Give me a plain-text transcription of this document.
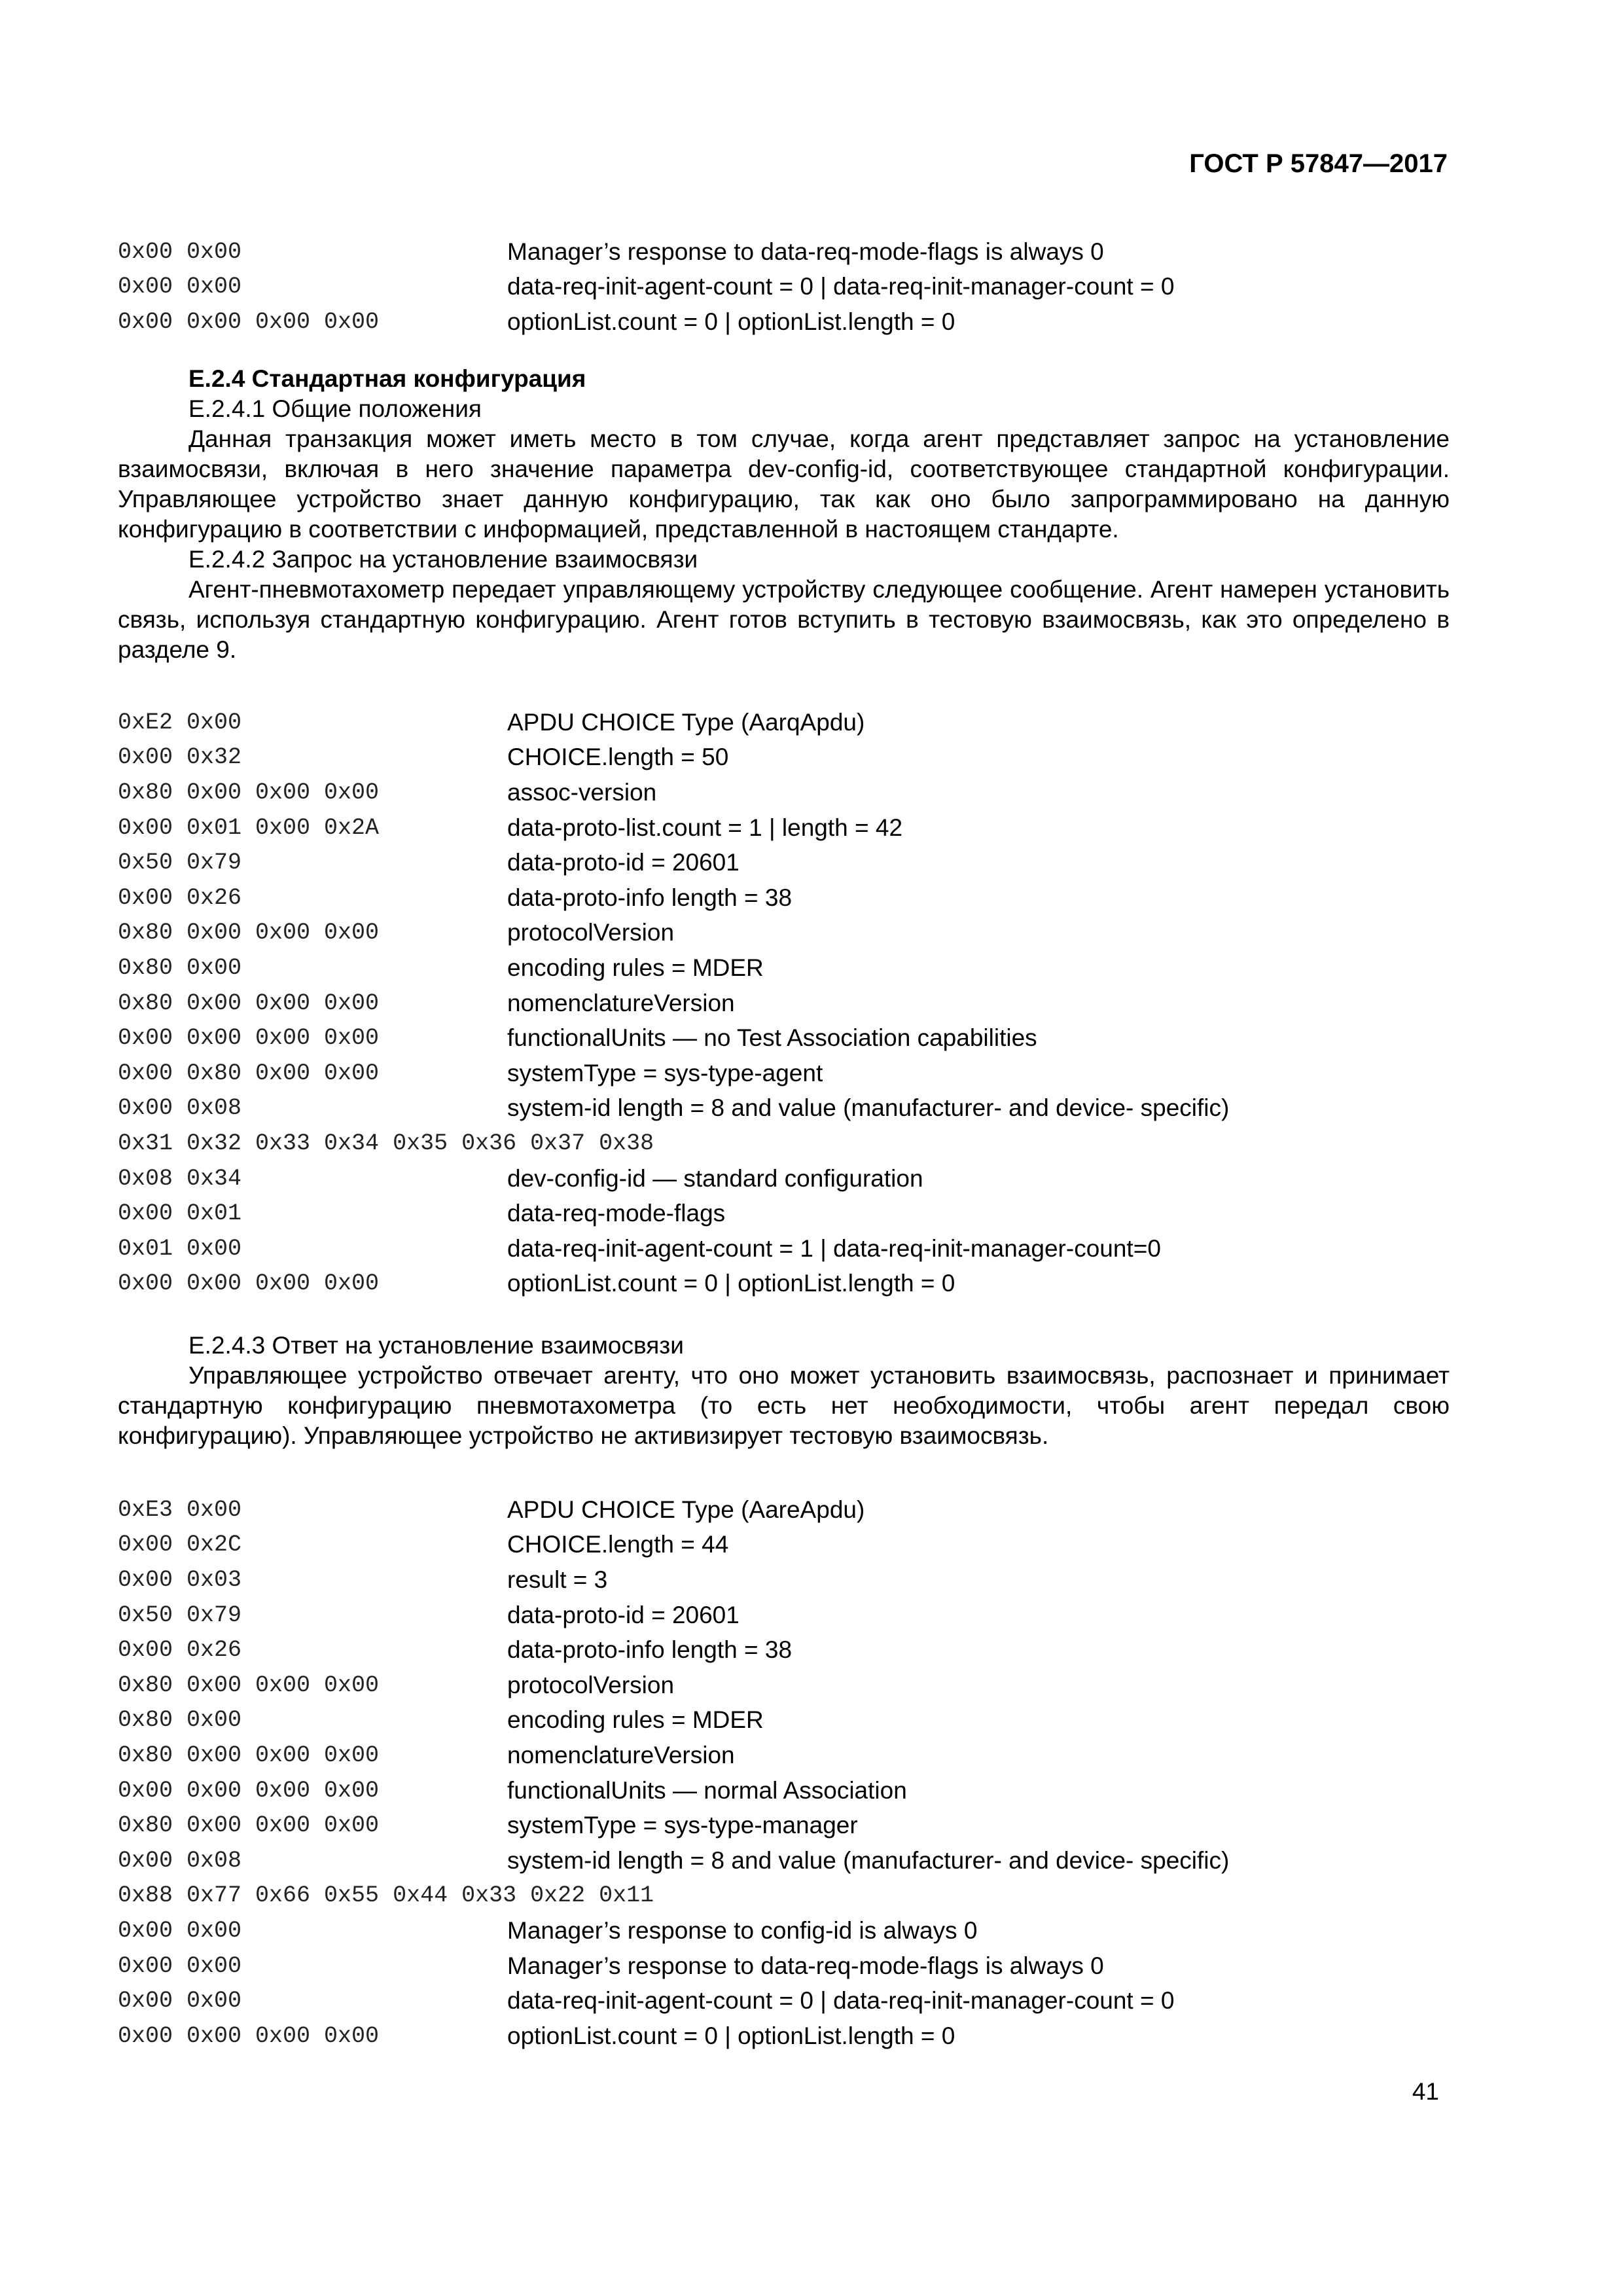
ГОСТ Р 57847—2017
0x00 0x00	Manager’s response to data-req-mode-flags is always 0
0x00 0x00	data-req-init-agent-count = 0 | data-req-init-manager-count = 0
0x00 0x00 0x00 0x00	optionList.count = 0 | optionList.length = 0

E.2.4 Стандартная конфигурация

E.2.4.1 Общие положения

Данная транзакция может иметь место в том случае, когда агент представляет запрос на установление взаимосвязи, включая в него значение параметра dev-config-id, соответствующее стандартной конфигурации. Управляющее устройство знает данную конфигурацию, так как оно было запрограммировано на данную конфигурацию в соответствии с информацией, представленной в настоящем стандарте.

E.2.4.2 Запрос на установление взаимосвязи

Агент-пневмотахометр передает управляющему устройству следующее сообщение. Агент намерен установить связь, используя стандартную конфигурацию. Агент готов вступить в тестовую взаимосвязь, как это определено в разделе 9.

0xE2 0x00	APDU CHOICE Type (AarqApdu)
0x00 0x32	CHOICE.length = 50
0x80 0x00 0x00 0x00	assoc-version
0x00 0x01 0x00 0x2A	data-proto-list.count = 1 | length = 42
0x50 0x79	data-proto-id = 20601
0x00 0x26	data-proto-info length = 38
0x80 0x00 0x00 0x00	protocolVersion
0x80 0x00	encoding rules = MDER
0x80 0x00 0x00 0x00	nomenclatureVersion
0x00 0x00 0x00 0x00	functionalUnits — no Test Association capabilities
0x00 0x80 0x00 0x00	systemType = sys-type-agent
0x00 0x08	system-id length = 8 and value (manufacturer- and device- specific)
0x31 0x32 0x33 0x34 0x35 0x36 0x37 0x38
0x08 0x34	dev-config-id — standard configuration
0x00 0x01	data-req-mode-flags
0x01 0x00	data-req-init-agent-count = 1 | data-req-init-manager-count=0
0x00 0x00 0x00 0x00	optionList.count = 0 | optionList.length = 0

E.2.4.3 Ответ на установление взаимосвязи

Управляющее устройство отвечает агенту, что оно может установить взаимосвязь, распознает и принимает стандартную конфигурацию пневмотахометра (то есть нет необходимости, чтобы агент передал свою конфигурацию). Управляющее устройство не активизирует тестовую взаимосвязь.

0xE3 0x00	APDU CHOICE Type (AareApdu)
0x00 0x2C	CHOICE.length = 44
0x00 0x03	result = 3
0x50 0x79	data-proto-id = 20601
0x00 0x26	data-proto-info length = 38
0x80 0x00 0x00 0x00	protocolVersion
0x80 0x00	encoding rules = MDER
0x80 0x00 0x00 0x00	nomenclatureVersion
0x00 0x00 0x00 0x00	functionalUnits — normal Association
0x80 0x00 0x00 0x00	systemType = sys-type-manager
0x00 0x08	system-id length = 8 and value (manufacturer- and device- specific)
0x88 0x77 0x66 0x55 0x44 0x33 0x22 0x11
0x00 0x00	Manager’s response to config-id is always 0
0x00 0x00	Manager’s response to data-req-mode-flags is always 0
0x00 0x00	data-req-init-agent-count = 0 | data-req-init-manager-count = 0
0x00 0x00 0x00 0x00	optionList.count = 0 | optionList.length = 0
41
